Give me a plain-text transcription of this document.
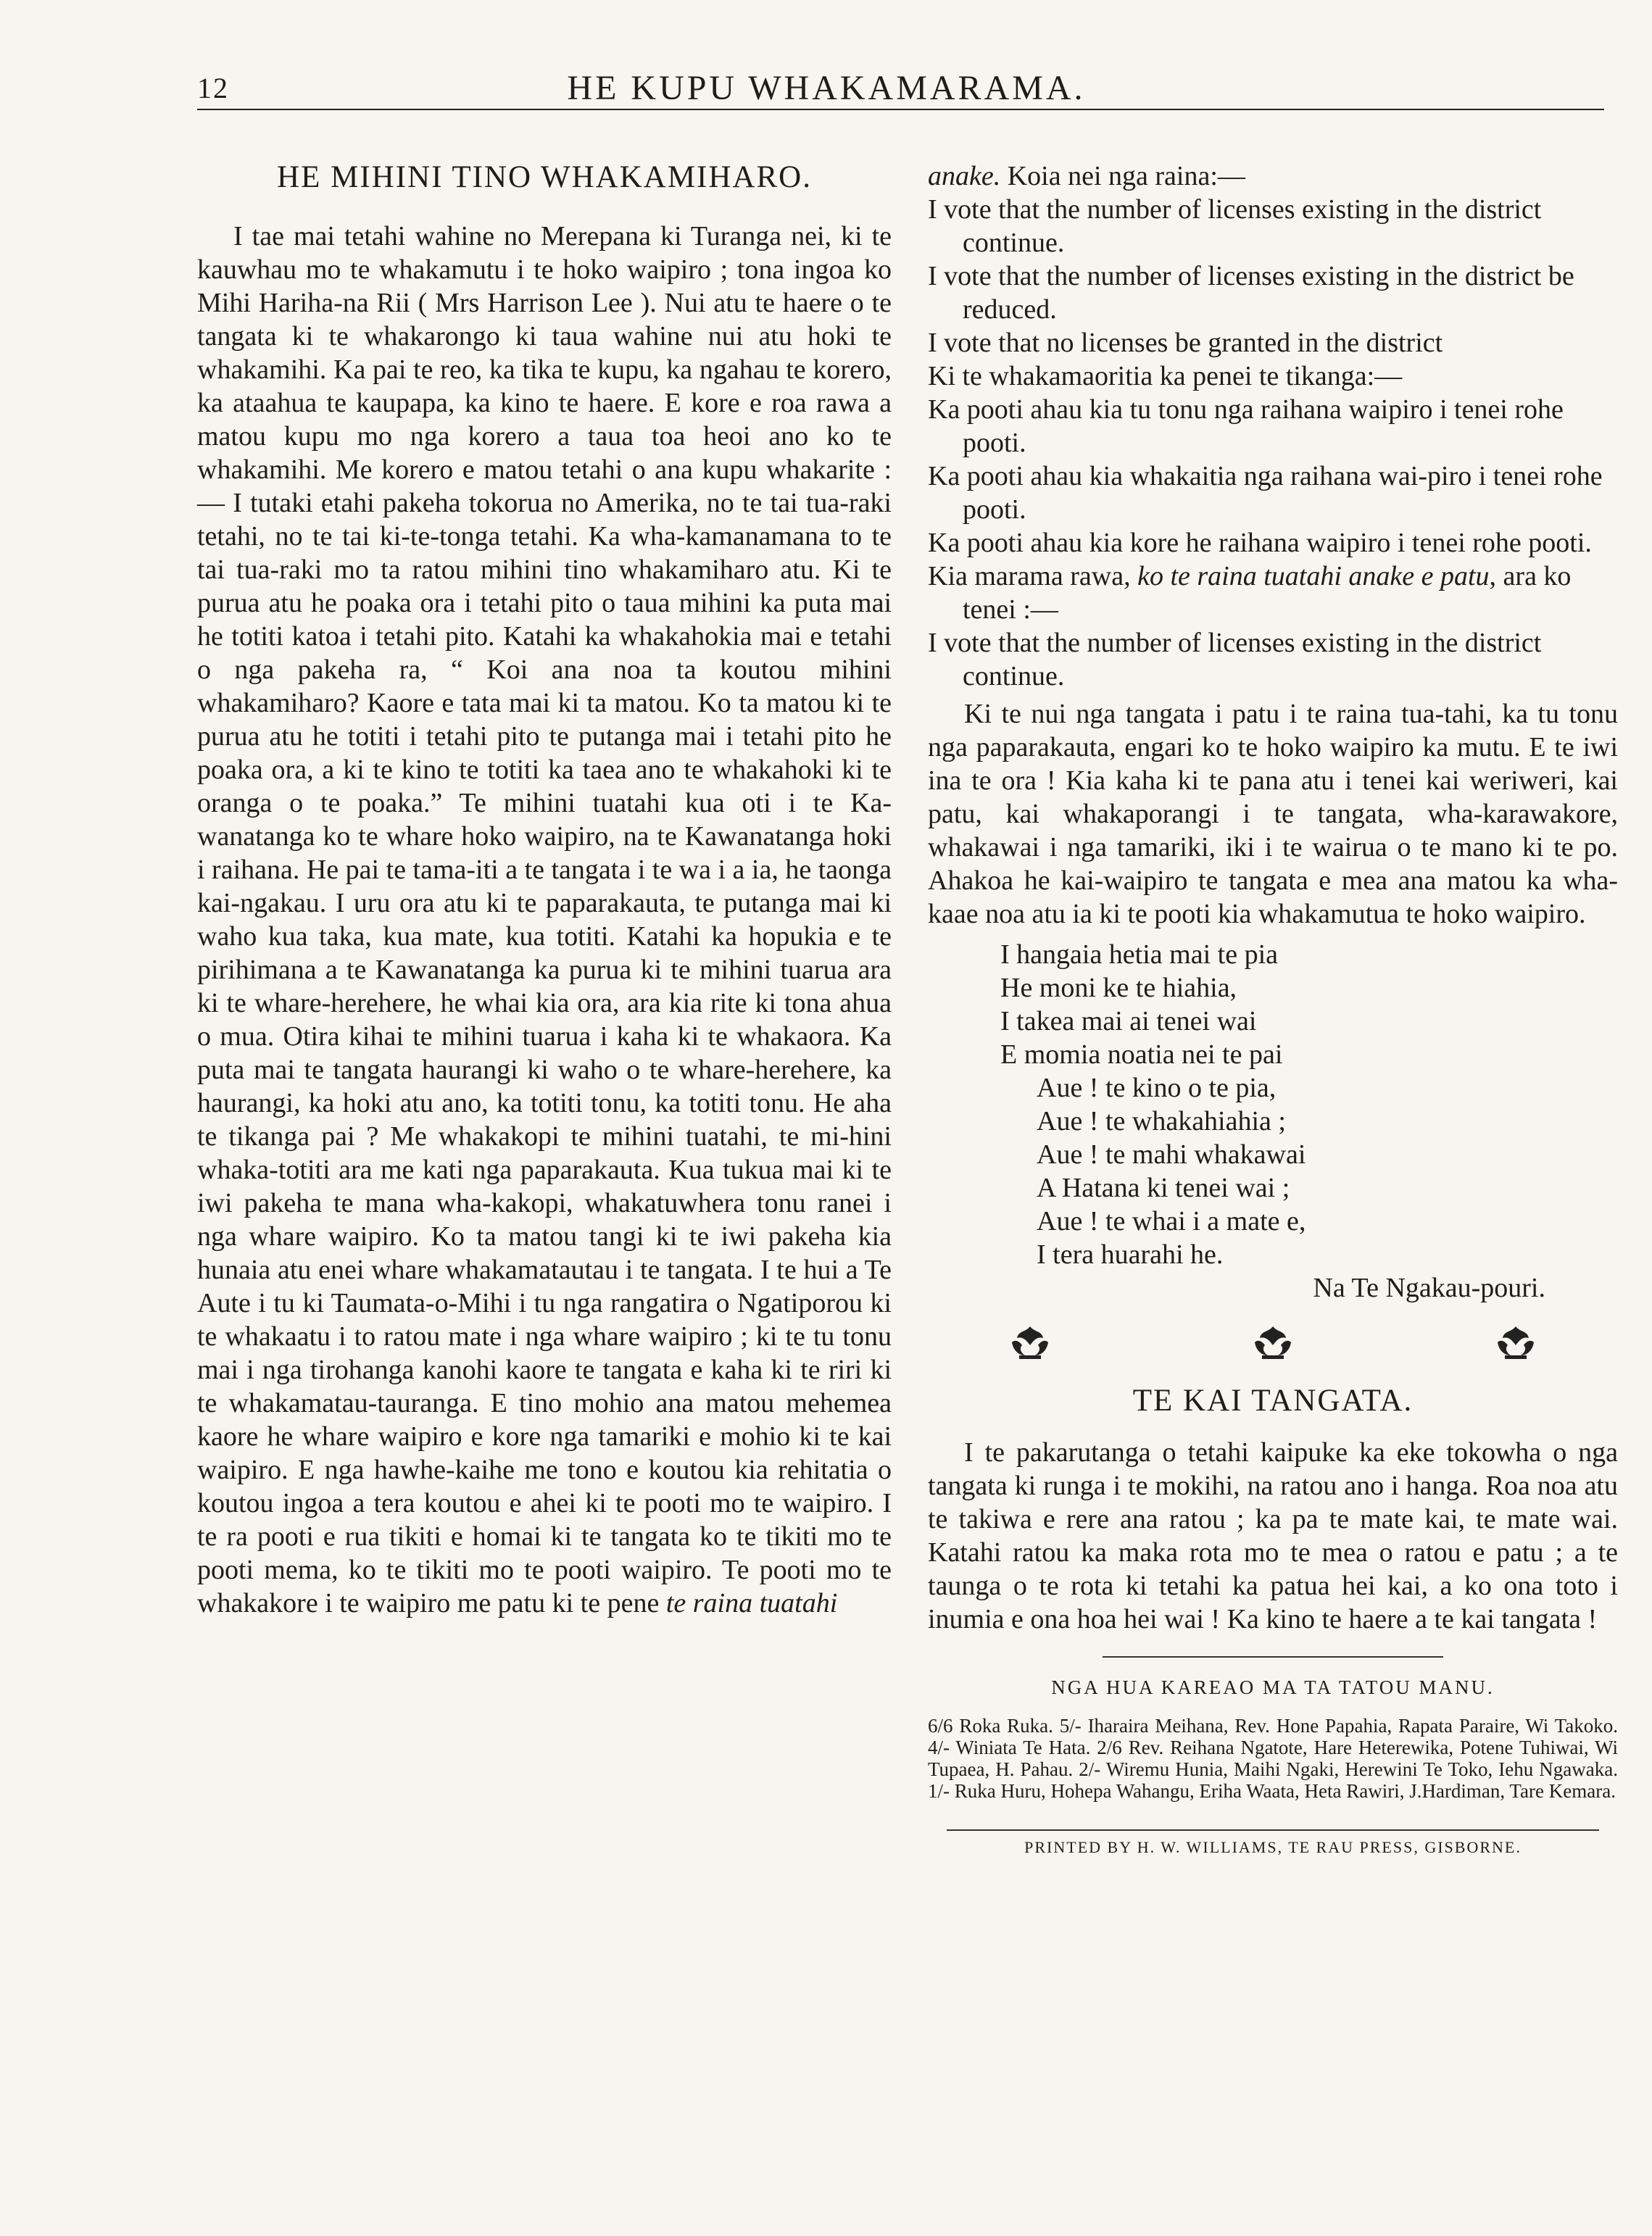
12	HE KUPU WHAKAMARAMA.
HE MIHINI TINO WHAKAMIHARO.

I tae mai tetahi wahine no Merepana ki Turanga nei, ki te kauwhau mo te whakamutu i te hoko waipiro ; tona ingoa ko Mihi Hariha-na Rii ( Mrs Harrison Lee ). Nui atu te haere o te tangata ki te whakarongo ki taua wahine nui atu hoki te whakamihi. Ka pai te reo, ka tika te kupu, ka ngahau te korero, ka ataahua te kaupapa, ka kino te haere. E kore e roa rawa a matou kupu mo nga korero a taua toa heoi ano ko te whakamihi. Me korero e matou tetahi o ana kupu whakarite :— I tutaki etahi pakeha tokorua no Amerika, no te tai tua-raki tetahi, no te tai ki-te-tonga tetahi. Ka wha-kamanamana to te tai tua-raki mo ta ratou mihini tino whakamiharo atu. Ki te purua atu he poaka ora i tetahi pito o taua mihini ka puta mai he totiti katoa i tetahi pito. Katahi ka whakahokia mai e tetahi o nga pakeha ra, “ Koi ana noa ta koutou mihini whakamiharo? Kaore e tata mai ki ta matou. Ko ta matou ki te purua atu he totiti i tetahi pito te putanga mai i tetahi pito he poaka ora, a ki te kino te totiti ka taea ano te whakahoki ki te oranga o te poaka.” Te mihini tuatahi kua oti i te Ka-wanatanga ko te whare hoko waipiro, na te Kawanatanga hoki i raihana. He pai te tama-iti a te tangata i te wa i a ia, he taonga kai-ngakau. I uru ora atu ki te paparakauta, te putanga mai ki waho kua taka, kua mate, kua totiti. Katahi ka hopukia e te pirihimana a te Kawanatanga ka purua ki te mihini tuarua ara ki te whare-herehere, he whai kia ora, ara kia rite ki tona ahua o mua. Otira kihai te mihini tuarua i kaha ki te whakaora. Ka puta mai te tangata haurangi ki waho o te whare-herehere, ka haurangi, ka hoki atu ano, ka totiti tonu, ka totiti tonu. He aha te tikanga pai ? Me whakakopi te mihini tuatahi, te mi-hini whaka-totiti ara me kati nga paparakauta. Kua tukua mai ki te iwi pakeha te mana wha-kakopi, whakatuwhera tonu ranei i nga whare waipiro. Ko ta matou tangi ki te iwi pakeha kia hunaia atu enei whare whakamatautau i te tangata. I te hui a Te Aute i tu ki Taumata-o-Mihi i tu nga rangatira o Ngatiporou ki te whakaatu i to ratou mate i nga whare waipiro ; ki te tu tonu mai i nga tirohanga kanohi kaore te tangata e kaha ki te riri ki te whakamatau-tauranga. E tino mohio ana matou mehemea kaore he whare waipiro e kore nga tamariki e mohio ki te kai waipiro. E nga hawhe-kaihe me tono e koutou kia rehitatia o koutou ingoa a tera koutou e ahei ki te pooti mo te waipiro. I te ra pooti e rua tikiti e homai ki te tangata ko te tikiti mo te pooti mema, ko te tikiti mo te pooti waipiro. Te pooti mo te whakakore i te waipiro me patu ki te pene te raina tuatahi

anake. Koia nei nga raina:—

I vote that the number of licenses existing in the district continue.

I vote that the number of licenses existing in the district be reduced.

I vote that no licenses be granted in the district

Ki te whakamaoritia ka penei te tikanga:—

Ka pooti ahau kia tu tonu nga raihana waipiro i tenei rohe pooti.

Ka pooti ahau kia whakaitia nga raihana wai-piro i tenei rohe pooti.

Ka pooti ahau kia kore he raihana waipiro i tenei rohe pooti.

Kia marama rawa, ko te raina tuatahi anake e patu, ara ko tenei :—

I vote that the number of licenses existing in the district continue.

Ki te nui nga tangata i patu i te raina tua-tahi, ka tu tonu nga paparakauta, engari ko te hoko waipiro ka mutu. E te iwi ina te ora ! Kia kaha ki te pana atu i tenei kai weriweri, kai patu, kai whakaporangi i te tangata, wha-karawakore, whakawai i nga tamariki, iki i te wairua o te mano ki te po. Ahakoa he kai-waipiro te tangata e mea ana matou ka wha-kaae noa atu ia ki te pooti kia whakamutua te hoko waipiro.

I hangaia hetia mai te pia
He moni ke te hiahia,
I takea mai ai tenei wai
E momia noatia nei te pai
Aue ! te kino o te pia,
Aue ! te whakahiahia ;
Aue ! te mahi whakawai
A Hatana ki tenei wai ;
Aue ! te whai i a mate e,
I tera huarahi he.
Na Te Ngakau-pouri.
TE KAI TANGATA.

I te pakarutanga o tetahi kaipuke ka eke tokowha o nga tangata ki runga i te mokihi, na ratou ano i hanga. Roa noa atu te takiwa e rere ana ratou ; ka pa te mate kai, te mate wai. Katahi ratou ka maka rota mo te mea o ratou e patu ; a te taunga o te rota ki tetahi ka patua hei kai, a ko ona toto i inumia e ona hoa hei wai ! Ka kino te haere a te kai tangata !

NGA HUA KAREAO MA TA TATOU MANU.

6/6 Roka Ruka. 5/- Iharaira Meihana, Rev. Hone Papahia, Rapata Paraire, Wi Takoko. 4/- Winiata Te Hata. 2/6 Rev. Reihana Ngatote, Hare Heterewika, Potene Tuhiwai, Wi Tupaea, H. Pahau. 2/- Wiremu Hunia, Maihi Ngaki, Herewini Te Toko, Iehu Ngawaka. 1/- Ruka Huru, Hohepa Wahangu, Eriha Waata, Heta Rawiri, J.Hardiman, Tare Kemara.

PRINTED BY H. W. WILLIAMS, TE RAU PRESS, GISBORNE.
